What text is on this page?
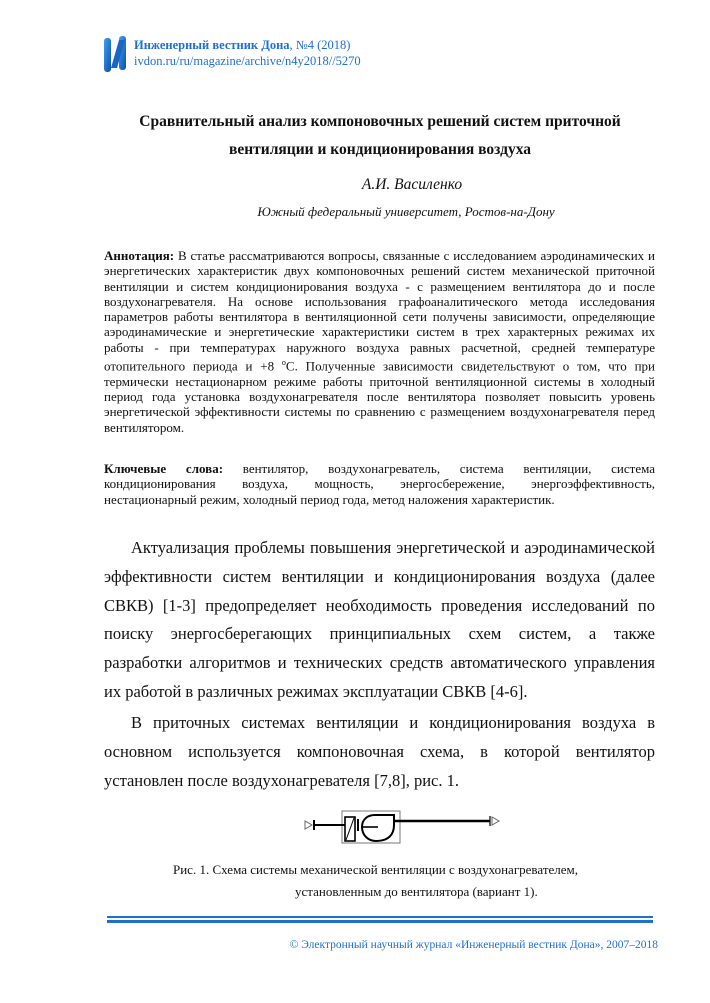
Инженерный вестник Дона, №4 (2018)
ivdon.ru/ru/magazine/archive/n4y2018//5270
Сравнительный анализ компоновочных решений систем приточной
вентиляции и кондиционирования воздуха
А.И. Василенко
Южный федеральный университет, Ростов-на-Дону
Аннотация: В статье рассматриваются вопросы, связанные с исследованием аэродинамических и энергетических характеристик двух компоновочных решений систем механической приточной вентиляции и систем кондиционирования воздуха - с размещением вентилятора до и после воздухонагревателя. На основе использования графоаналитического метода исследования параметров работы вентилятора в вентиляционной сети получены зависимости, определяющие аэродинамические и энергетические характеристики систем в трех характерных режимах их работы - при температурах наружного воздуха равных расчетной, средней температуре отопительного периода и +8 $^o$С. Полученные зависимости свидетельствуют о том, что при термически нестационарном режиме работы приточной вентиляционной системы в холодный период года установка воздухонагревателя после вентилятора позволяет повысить уровень энергетической эффективности системы по сравнению с размещением воздухонагревателя перед вентилятором.
Ключевые слова: вентилятор, воздухонагреватель, система вентиляции, система кондиционирования воздуха, мощность, энергосбережение, энергоэффективность, нестационарный режим, холодный период года, метод наложения характеристик.
Актуализация проблемы повышения энергетической и аэродинамической эффективности систем вентиляции и кондиционирования воздуха (далее СВКВ) [1-3] предопределяет необходимость проведения исследований по поиску энергосберегающих принципиальных схем систем, а также разработки алгоритмов и технических средств автоматического управления их работой в различных режимах эксплуатации СВКВ [4-6].
В приточных системах вентиляции и кондиционирования воздуха в основном используется компоновочная схема, в которой вентилятор установлен после воздухонагревателя [7,8], рис. 1.
Рис. 1. Схема системы механической вентиляции с воздухонагревателем,
установленным до вентилятора (вариант 1).
© Электронный научный журнал «Инженерный вестник Дона», 2007–2018
